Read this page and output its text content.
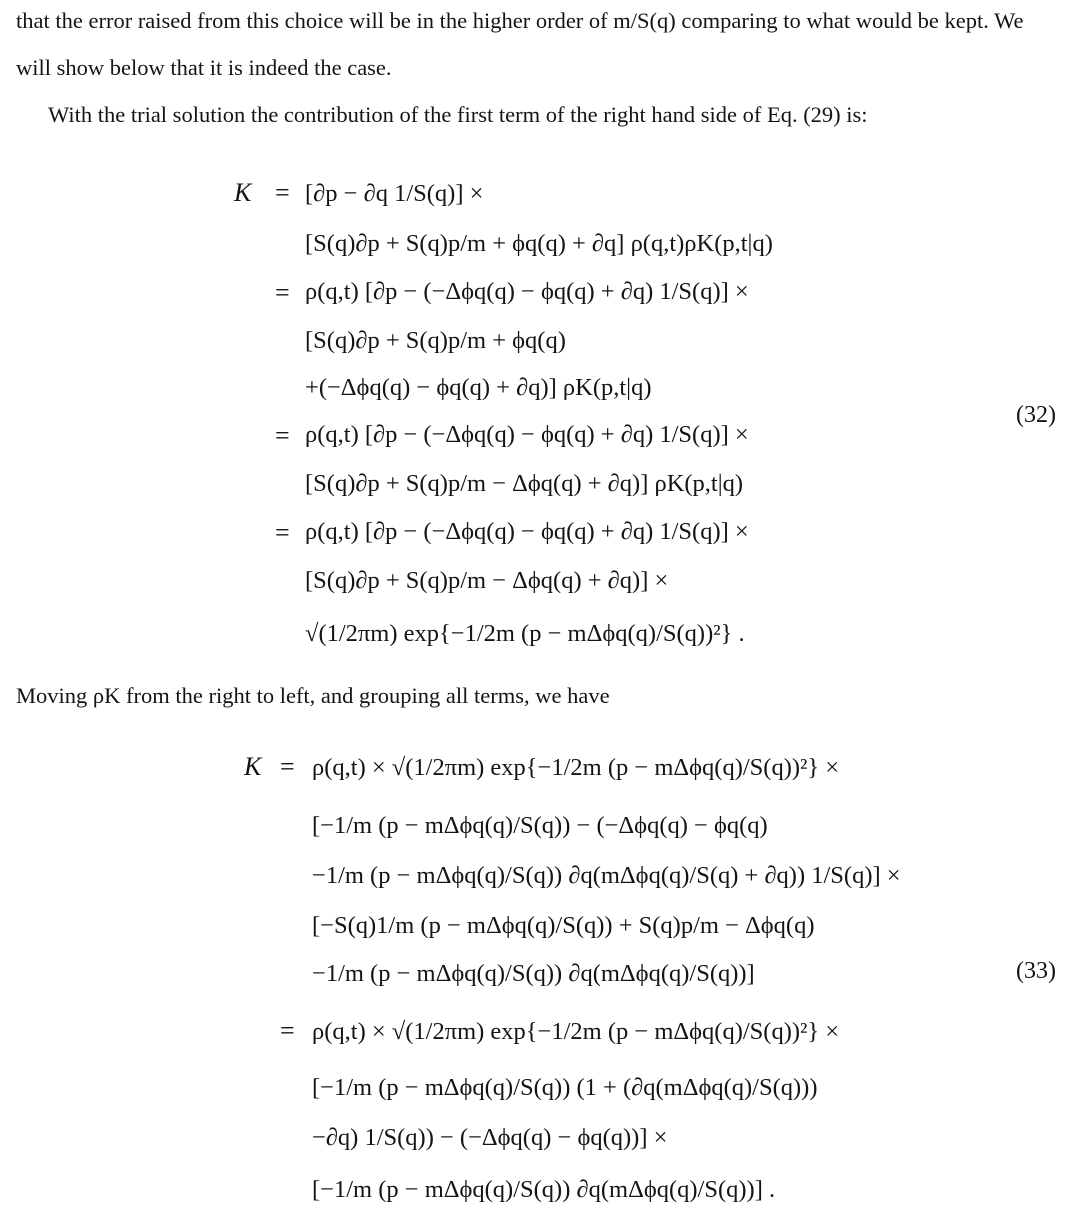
that the error raised from this choice will be in the higher order of m/S(q) comparing to what would be kept. We will show below that it is indeed the case.

With the trial solution the contribution of the first term of the right hand side of Eq. (29) is:

K = [∂p − ∂q 1/S(q)] ×
[S(q)∂p + S(q)p/m + ϕq(q) + ∂q] ρ(q,t)ρK(p,t|q)
= ρ(q,t) [∂p − (−Δϕq(q) − ϕq(q) + ∂q) 1/S(q)] ×
[S(q)∂p + S(q)p/m + ϕq(q)
+(−Δϕq(q) − ϕq(q) + ∂q)] ρK(p,t|q)
= ρ(q,t) [∂p − (−Δϕq(q) − ϕq(q) + ∂q) 1/S(q)] ×
[S(q)∂p + S(q)p/m − Δϕq(q) + ∂q)] ρK(p,t|q)
= ρ(q,t) [∂p − (−Δϕq(q) − ϕq(q) + ∂q) 1/S(q)] ×
[S(q)∂p + S(q)p/m − Δϕq(q) + ∂q)] ×
√(1/2πm) exp{−1/2m (p − mΔϕq(q)/S(q))²} .
(32)

Moving ρK from the right to left, and grouping all terms, we have

K = ρ(q,t) × √(1/2πm) exp{−1/2m (p − mΔϕq(q)/S(q))²} ×
[−1/m (p − mΔϕq(q)/S(q)) − (−Δϕq(q) − ϕq(q)
−1/m (p − mΔϕq(q)/S(q)) ∂q(mΔϕq(q)/S(q) + ∂q)) 1/S(q)] ×
[−S(q)1/m (p − mΔϕq(q)/S(q)) + S(q)p/m − Δϕq(q)
−1/m (p − mΔϕq(q)/S(q)) ∂q(mΔϕq(q)/S(q))]
= ρ(q,t) × √(1/2πm) exp{−1/2m (p − mΔϕq(q)/S(q))²} ×
[−1/m (p − mΔϕq(q)/S(q)) (1 + (∂q(mΔϕq(q)/S(q)))
−∂q) 1/S(q)) − (−Δϕq(q) − ϕq(q))] ×
[−1/m (p − mΔϕq(q)/S(q)) ∂q(mΔϕq(q)/S(q))] .
(33)
